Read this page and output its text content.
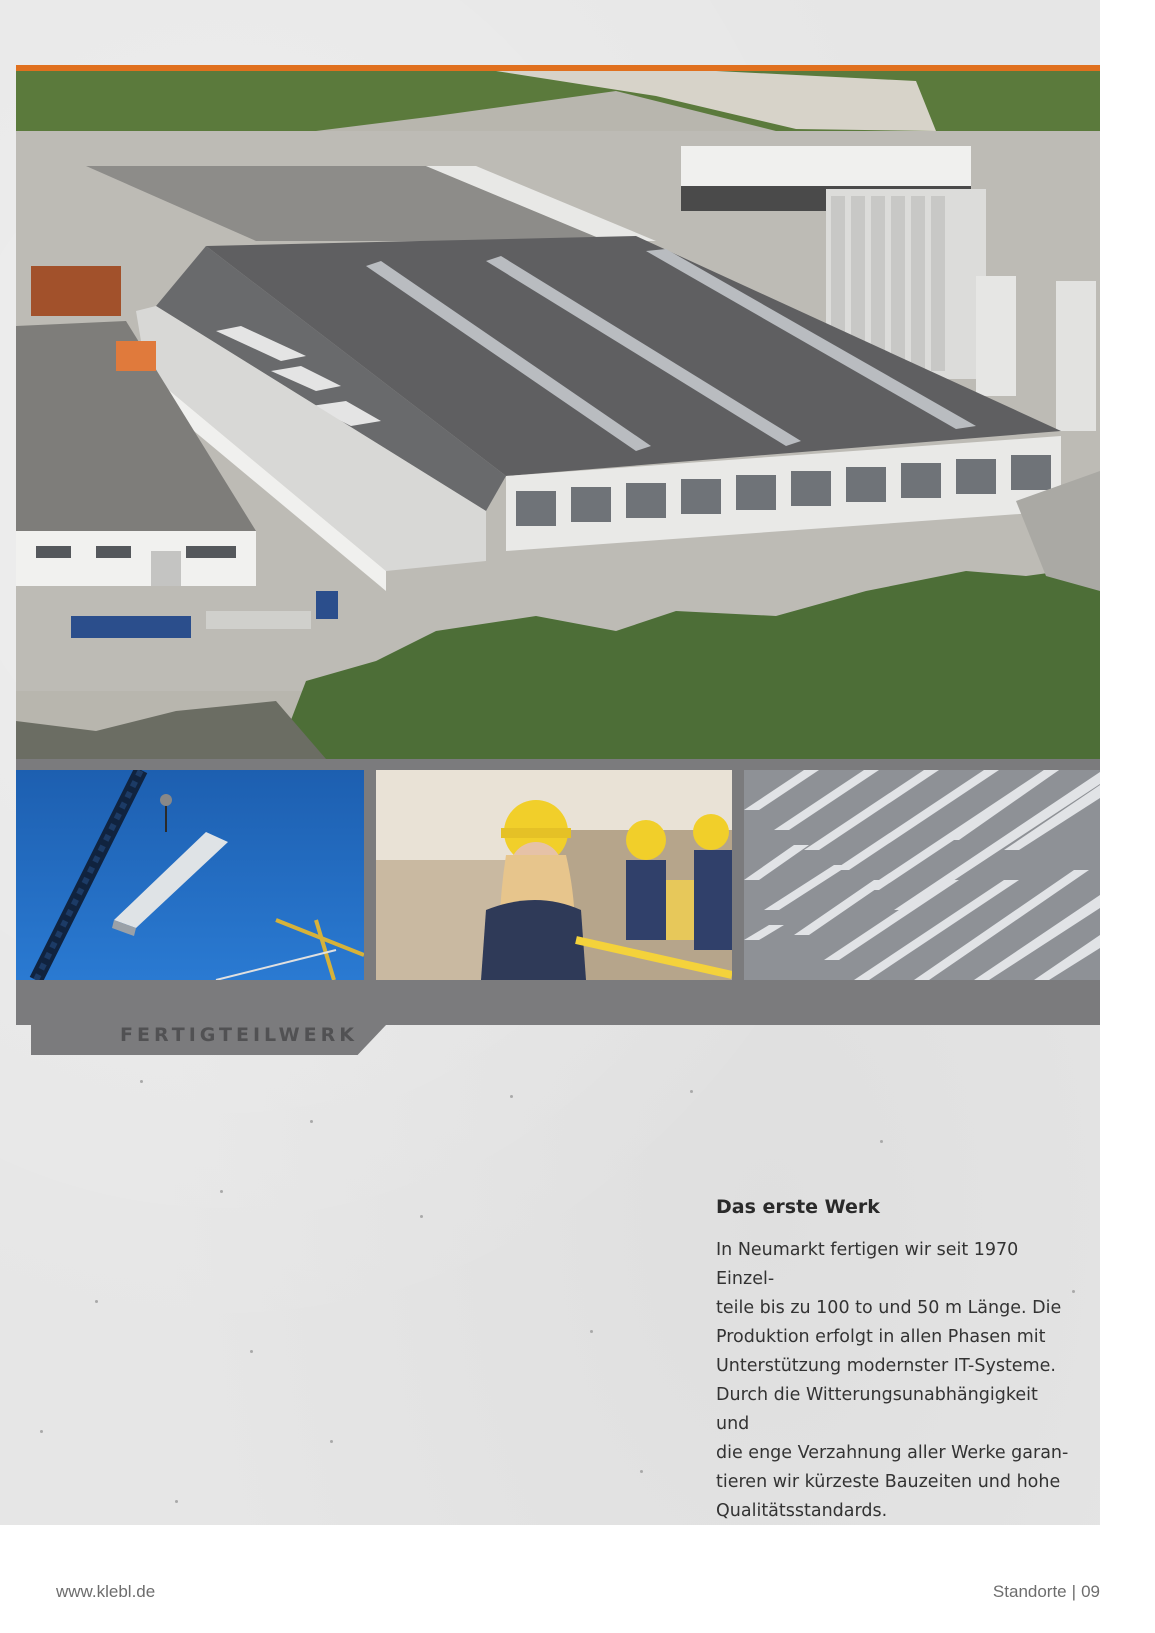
FERTIGTEILWERK
Das erste Werk

In Neumarkt fertigen wir seit 1970 Einzel-
teile bis zu 100 to und 50 m Länge. Die
Produktion erfolgt in allen Phasen mit
Unterstützung modernster IT-Systeme.
Durch die Witterungsunabhängigkeit und
die enge Verzahnung aller Werke garan-
tieren wir kürzeste Bauzeiten und hohe
Qualitätsstandards.

www.klebl.de	Standorte | 09
